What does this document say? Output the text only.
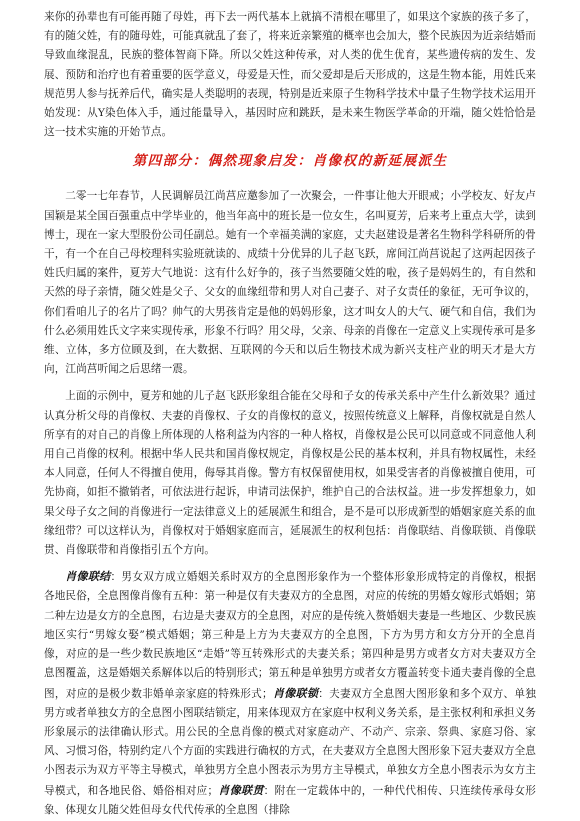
来你的孙辈也有可能再随了母姓，再下去一两代基本上就搞不清根在哪里了，如果这个家族的孩子多了，有的随父姓，有的随母姓，可能真就乱了套了，将来近亲繁殖的概率也会加大，整个民族因为近亲结婚而导致血缘混乱，民族的整体智商下降。所以父姓这种传承，对人类的优生优育，某些遗传病的发生、发展、预防和治疗也有着重要的医学意义，母爱是天性，而父爱却是后天形成的，这是生物本能，用姓氏来规范男人参与抚养后代，确实是人类聪明的表现，特别是近来原子生物科学技术中量子生物学技术运用开始发现：从Y染色体入手，通过能量导入，基因时应和跳跃，是未来生物医学革命的开端，随父姓恰恰是这一技术实施的开始节点。

第四部分：偶然现象启发：肖像权的新延展派生

二零一七年春节，人民调解员江尚莒应邀参加了一次聚会，一件事让他大开眼戒；小学校友、好友卢国颖是某全国百强重点中学毕业的，他当年高中的班长是一位女生，名叫夏芳，后来考上重点大学，读到博士，现在一家大型股份公司任副总。她有一个幸福美满的家庭，丈夫赵建设是著名生物科学科研所的骨干，有一个在自己母校理科实验班就读的、成绩十分优异的儿子赵飞跃，席间江尚莒说起了这两起因孩子姓氏归属的案件，夏芳大气地说：这有什么好争的，孩子当然要随父姓的啦，孩子是妈妈生的，有自然和天然的母子亲情，随父姓是父子、父女的血缘纽带和男人对自己妻子、对子女责任的象征，无可争议的，你们看咱儿子的名片了吗？帅气的大男孩肯定是他的妈妈形象，这才叫女人的大气、硬气和自信，我们为什么必须用姓氏文字来实现传承，形象不行吗？用父母，父亲、母亲的肖像在一定意义上实现传承可是多维、立体，多方位顾及到，在大数据、互联网的今天和以后生物技术成为新兴支柱产业的明天才是大方向，江尚莒听闻之后思绪一震。

上面的示例中，夏芳和她的儿子赵飞跃形象组合能在父母和子女的传承关系中产生什么新效果？通过认真分析父母的肖像权、夫妻的肖像权、子女的肖像权的意义，按照传统意义上解释，肖像权就是自然人所享有的对自己的肖像上所体现的人格利益为内容的一种人格权，肖像权是公民可以同意或不同意他人利用自己肖像的权利。根据中华人民共和国肖像权规定，肖像权是公民的基本权利，并具有物权属性，未经本人同意，任何人不得擅自使用，侮辱其肖像。警方有权保留使用权，如果受害者的肖像被擅自使用，可先协商，如拒不撤销者，可依法进行起诉，申请司法保护，维护自己的合法权益。进一步发挥想象力，如果父母子女之间的肖像进行一定法律意义上的延展派生和组合，是不是可以形成新型的婚姻家庭关系的血缘纽带？可以这样认为，肖像权对于婚姻家庭而言，延展派生的权利包括：肖像联结、肖像联锁、肖像联贯、肖像联带和肖像指引五个方向。

肖像联结：男女双方成立婚姻关系时双方的全息图形象作为一个整体形象形成特定的肖像权，根据各地民俗，全息图像肖像有五种：第一种是仅有夫妻双方的全息图，对应的传统的男婚女嫁形式婚姻；第二种左边是女方的全息图，右边是夫妻双方的全息图，对应的是传统入赘婚姻夫妻是一些地区、少数民族地区实行“男嫁女娶”模式婚姻；第三种是上方为夫妻双方的全息图，下方为男方和女方分开的全息肖像，对应的是一些少数民族地区“走婚”等互转殊形式的夫妻关系；第四种是男方或者女方对夫妻双方全息图覆盖，这是婚姻关系解体以后的特别形式；第五种是单独男方或者女方覆盖转变卡通夫妻肖像的全息图，对应的是极少数非婚单亲家庭的特殊形式；肖像联锁：夫妻双方全息图大图形象和多个双方、单独男方或者单独女方的全息图小图联结锁定，用来体现双方在家庭中权利义务关系，是主张权利和承担义务形象展示的法律确认形式。用公民的全息肖像的模式对家庭动产、不动产、宗亲、祭典、家庭习俗、家风、习惯习俗，特别约定八个方面的实践进行确权的方式，在夫妻双方全息图大图形象下冠夫妻双方全息小图表示为双方平等主导模式，单独男方全息小图表示为男方主导模式，单独女方全息小图表示为女方主导模式，和各地民俗、婚俗相对应；肖像联贯：附在一定载体中的，一种代代相传、只连续传承母女形象、体现女儿随父姓但母女代代传承的全息图（排除
